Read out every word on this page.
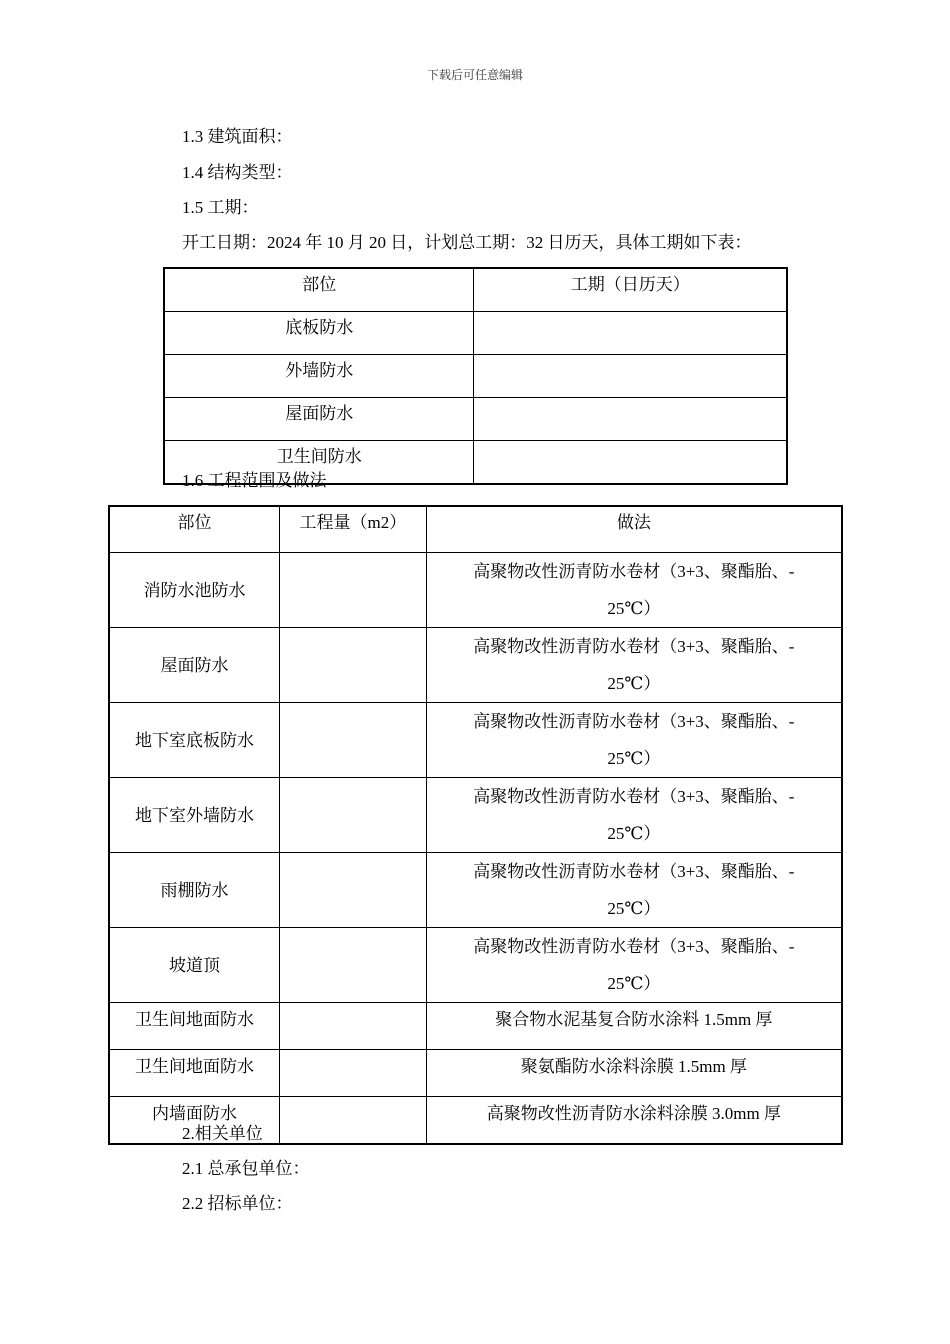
下载后可任意编辑
1.3 建筑面积：
1.4 结构类型：
1.5 工期：
开工日期：2024 年 10 月 20 日，计划总工期：32 日历天，具体工期如下表：
部位	工期（日历天）
底板防水	
外墙防水	
屋面防水	
卫生间防水	
1.6 工程范围及做法
部位	工程量（m2）	做法
消防水池防水		高聚物改性沥青防水卷材（3+3、聚酯胎、-
25℃）
屋面防水		高聚物改性沥青防水卷材（3+3、聚酯胎、-
25℃）
地下室底板防水		高聚物改性沥青防水卷材（3+3、聚酯胎、-
25℃）
地下室外墙防水		高聚物改性沥青防水卷材（3+3、聚酯胎、-
25℃）
雨棚防水		高聚物改性沥青防水卷材（3+3、聚酯胎、-
25℃）
坡道顶		高聚物改性沥青防水卷材（3+3、聚酯胎、-
25℃）
卫生间地面防水		聚合物水泥基复合防水涂料 1.5mm 厚
卫生间地面防水		聚氨酯防水涂料涂膜 1.5mm 厚
内墙面防水		高聚物改性沥青防水涂料涂膜 3.0mm 厚
2.相关单位
2.1 总承包单位：
2.2 招标单位：
